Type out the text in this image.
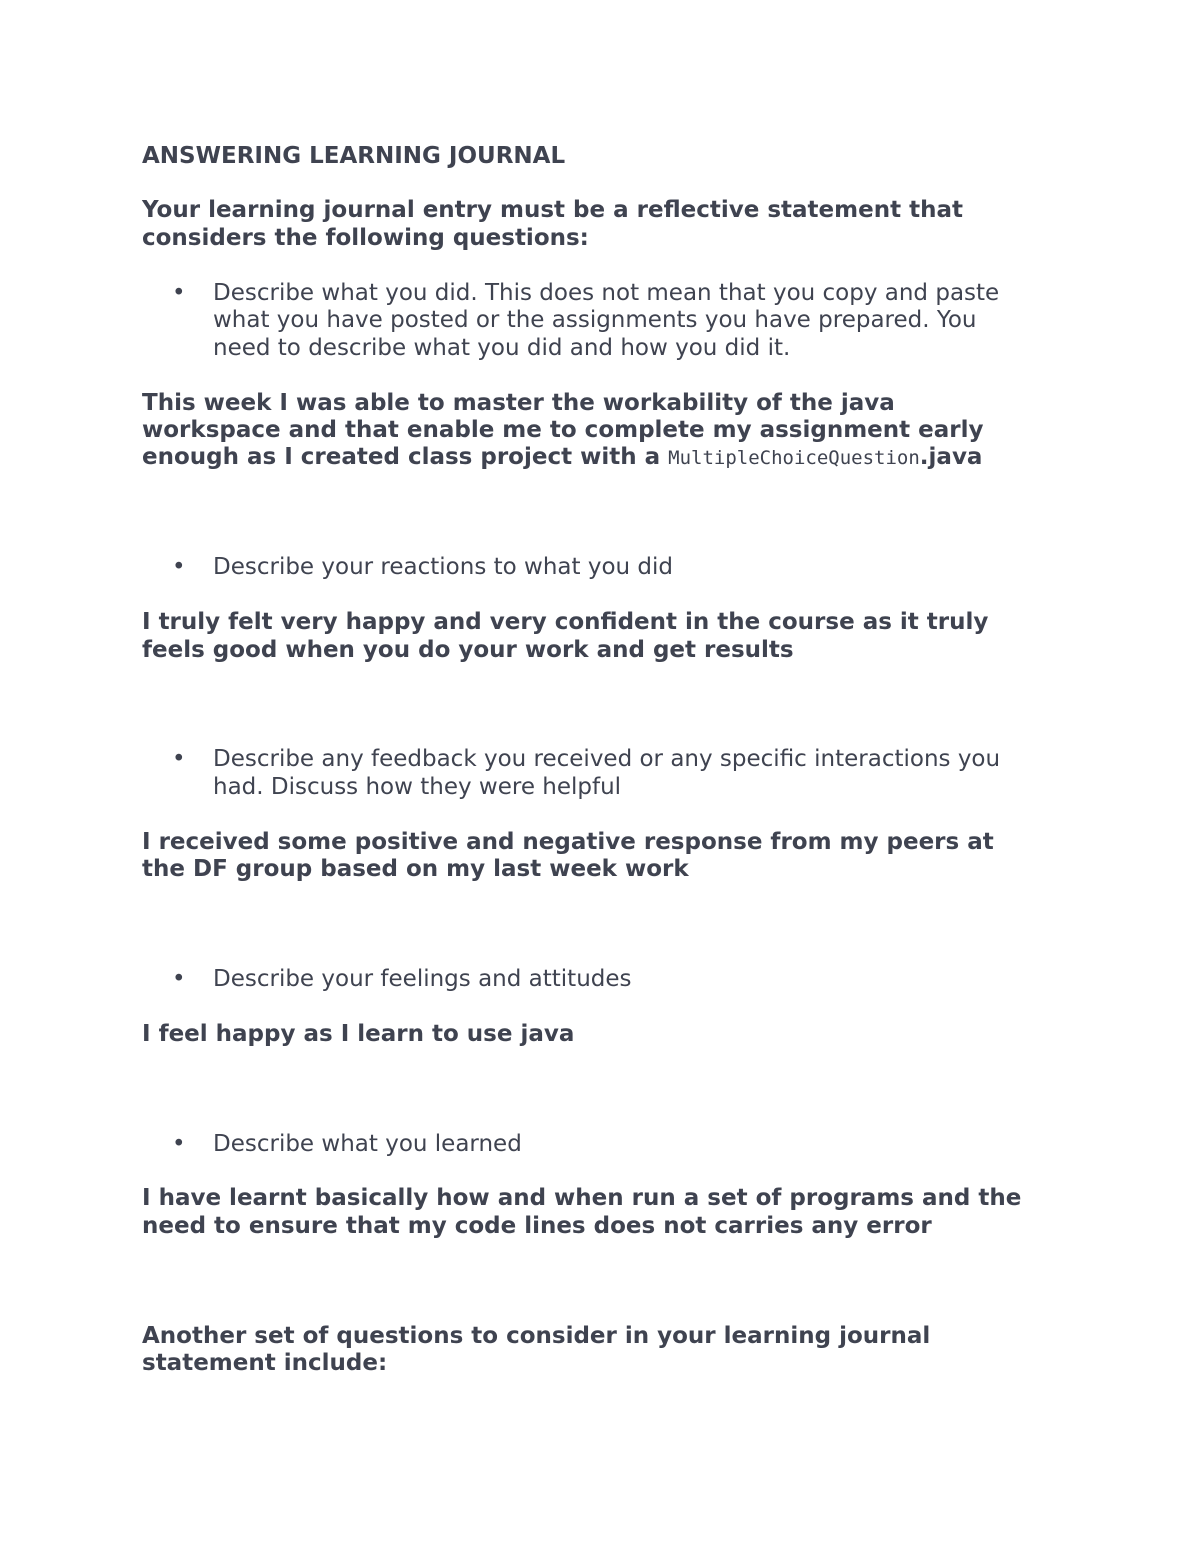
ANSWERING LEARNING JOURNAL

Your learning journal entry must be a reflective statement that

considers the following questions:

• Describe what you did. This does not mean that you copy and paste
what you have posted or the assignments you have prepared. You
need to describe what you did and how you did it.

This week I was able to master the workability of the java

workspace and that enable me to complete my assignment early

enough as I created class project with a MultipleChoiceQuestion.java

• Describe your reactions to what you did

I truly felt very happy and very confident in the course as it truly

feels good when you do your work and get results

• Describe any feedback you received or any specific interactions you
had. Discuss how they were helpful

I received some positive and negative response from my peers at

the DF group based on my last week work

• Describe your feelings and attitudes

I feel happy as I learn to use java

• Describe what you learned

I have learnt basically how and when run a set of programs and the

need to ensure that my code lines does not carries any error

Another set of questions to consider in your learning journal

statement include:
